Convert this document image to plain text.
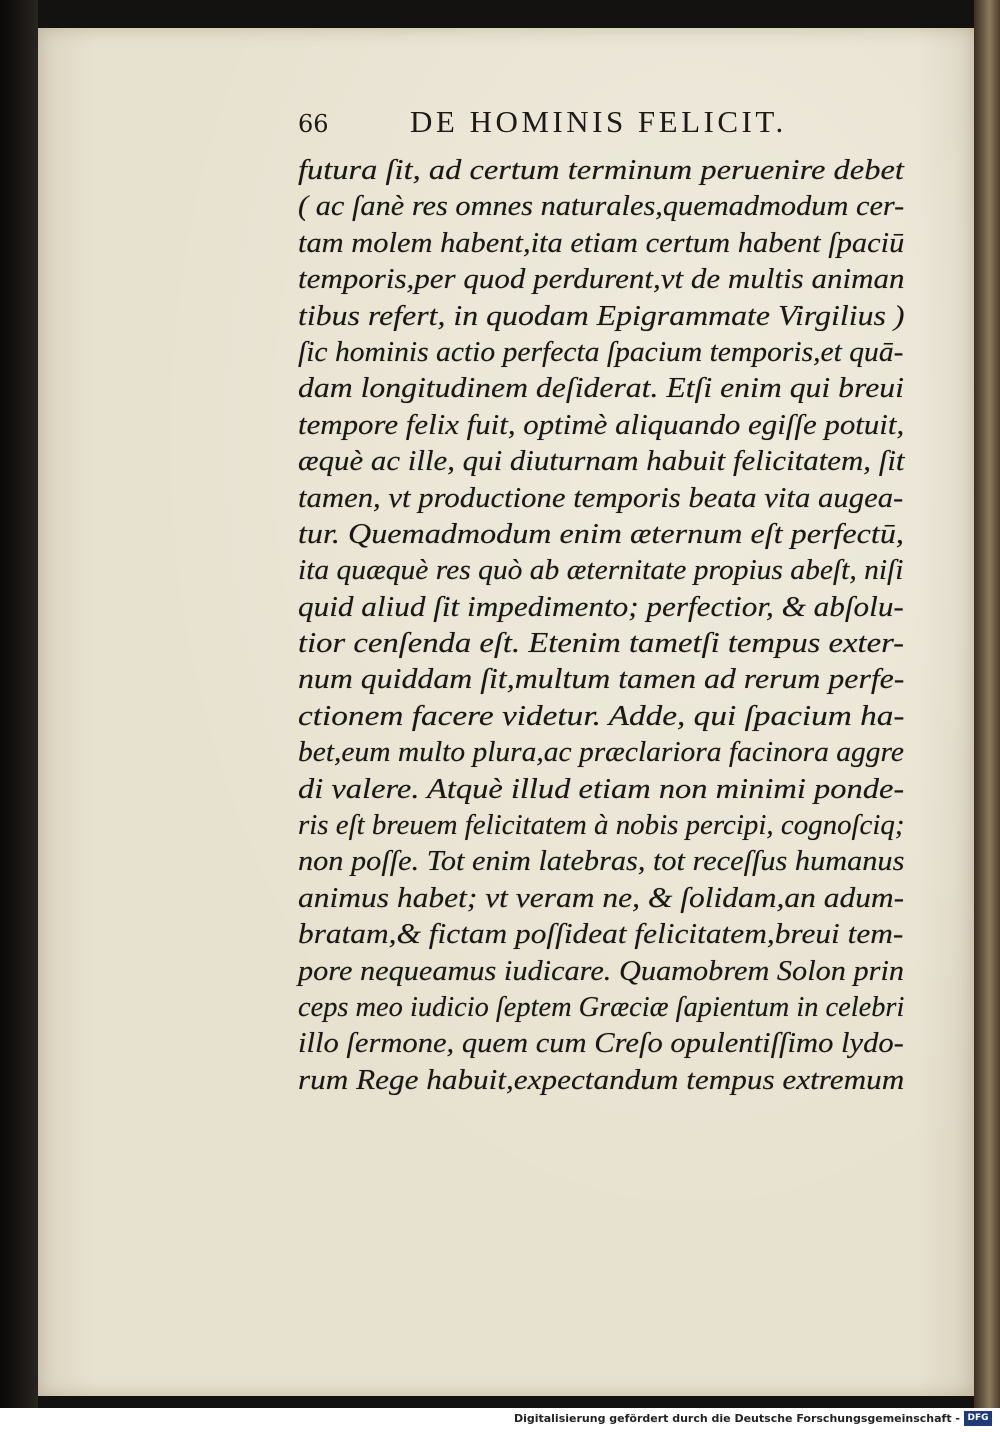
66	DE HOMINIS FELICIT.
futura ſit, ad certum terminum peruenire debet
( ac ſanè res omnes naturales,quemadmodum cer-
tam molem habent,ita etiam certum habent ſpaciū
temporis,per quod perdurent,vt de multis animan
tibus refert, in quodam Epigrammate Virgilius )
ſic hominis actio perfecta ſpacium temporis,et quā-
dam longitudinem deſiderat. Etſi enim qui breui
tempore felix fuit, optimè aliquando egiſſe potuit,
æquè ac ille, qui diuturnam habuit felicitatem, ſit
tamen, vt productione temporis beata vita augea-
tur. Quemadmodum enim æternum eſt perfectū,
ita quæquè res quò ab æternitate propius abeſt, niſi
quid aliud ſit impedimento; perfectior, & abſolu-
tior cenſenda eſt. Etenim tametſi tempus exter-
num quiddam ſit,multum tamen ad rerum perfe-
ctionem facere videtur. Adde, qui ſpacium ha-
bet,eum multo plura,ac præclariora facinora aggre
di valere. Atquè illud etiam non minimi ponde-
ris eſt breuem felicitatem à nobis percipi, cognoſciq;
non poſſe. Tot enim latebras, tot receſſus humanus
animus habet; vt veram ne, & ſolidam,an adum-
bratam,& fictam poſſideat felicitatem,breui tem-
pore nequeamus iudicare. Quamobrem Solon prin
ceps meo iudicio ſeptem Græciæ ſapientum in celebri
illo ſermone, quem cum Creſo opulentiſſimo lydo-
rum Rege habuit,expectandum tempus extremum
Digitalisierung gefördert durch die Deutsche Forschungsgemeinschaft - DFG
